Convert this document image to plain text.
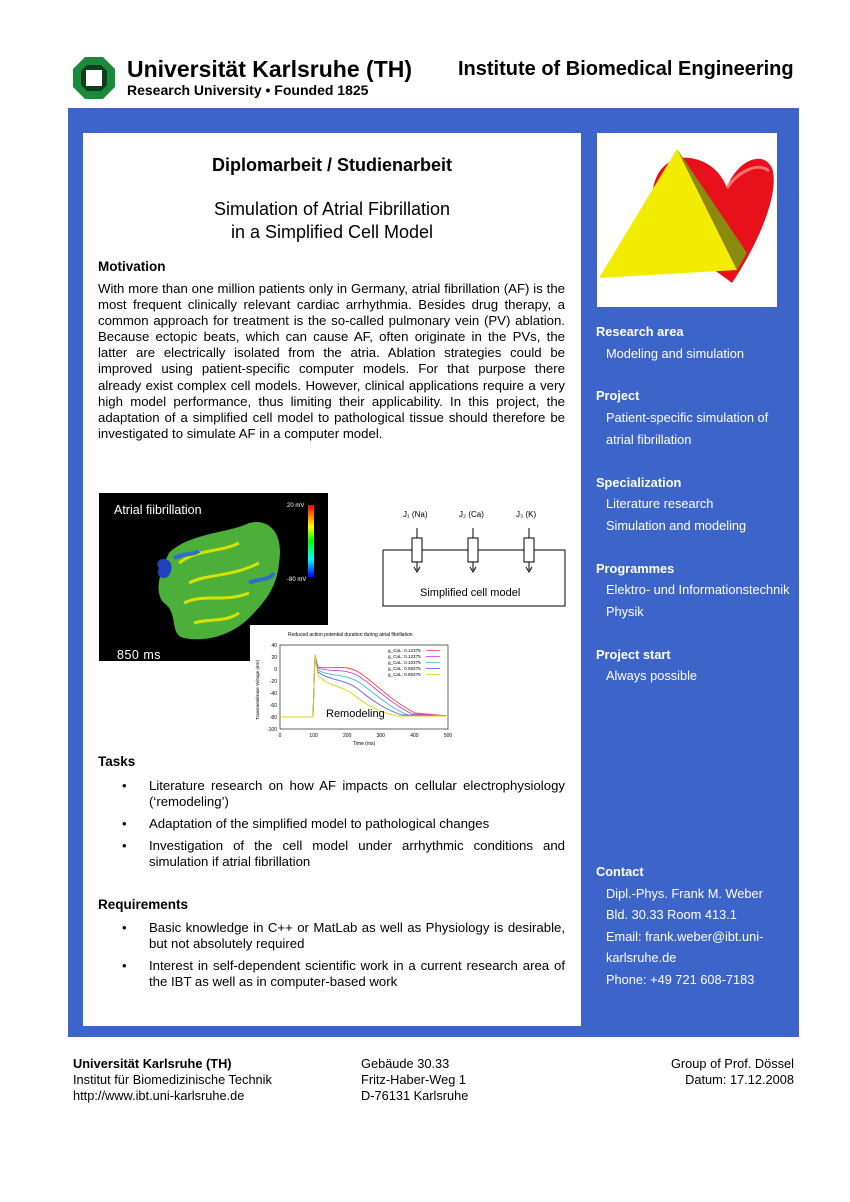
Universität Karlsruhe (TH)
Research University • Founded 1825
Institute of Biomedical Engineering
Diplomarbeit / Studienarbeit
Simulation of Atrial Fibrillation
in a Simplified Cell Model
Motivation
With more than one million patients only in Germany, atrial fibrillation (AF) is the most frequent clinically relevant cardiac arrhythmia. Besides drug therapy, a common approach for treatment is the so-called pulmonary vein (PV) ablation. Because ectopic beats, which can cause AF, often originate in the PVs, the latter are electrically isolated from the atria. Ablation strategies could be improved using patient-specific computer models. For that purpose there already exist complex cell models. However, clinical applications require a very high model performance, thus limiting their applicability. In this project, the adaptation of a simplified cell model to pathological tissue should therefore be investigated to simulate AF in a computer model.
20 mV
-80 mV
Atrial fiibrillation
850 ms
J₁ (Na)	J₂ (Ca)	J₃ (K)
Simplified cell model
Reduced action potential duration during atrial fibrillation
40
20
0
-20
-40
-60
-80
-100
0	100	200	300	400	500
Time (ms)
Transmembrane Voltage (mV)
g_CaL: 0.12375
g_CaL: 0.12375
g_CaL: 0.10375
g_CaL: 0.08375
g_CaL: 0.06375
Remodeling
Tasks
• Literature research on how AF impacts on cellular electrophysiology (‘remodeling’)
• Adaptation of the simplified model to pathological changes
• Investigation of the cell model under arrhythmic conditions and simulation if atrial fibrillation
Requirements
• Basic knowledge in C++ or MatLab as well as Physiology is desirable, but not absolutely required
• Interest in self-dependent scientific work in a current research area of the IBT as well as in computer-based work
Research area
Modeling and simulation
Project
Patient-specific simulation of
atrial fibrillation
Specialization
Literature research
Simulation and modeling
Programmes
Elektro- und Informationstechnik
Physik
Project start
Always possible
Contact
Dipl.-Phys. Frank M. Weber
Bld. 30.33 Room 413.1
Email: frank.weber@ibt.uni-
karlsruhe.de
Phone: +49 721 608-7183
Universität Karlsruhe (TH)
Institut für Biomedizinische Technik
http://www.ibt.uni-karlsruhe.de
Gebäude 30.33
Fritz-Haber-Weg 1
D-76131 Karlsruhe
Group of Prof. Dössel
Datum: 17.12.2008
